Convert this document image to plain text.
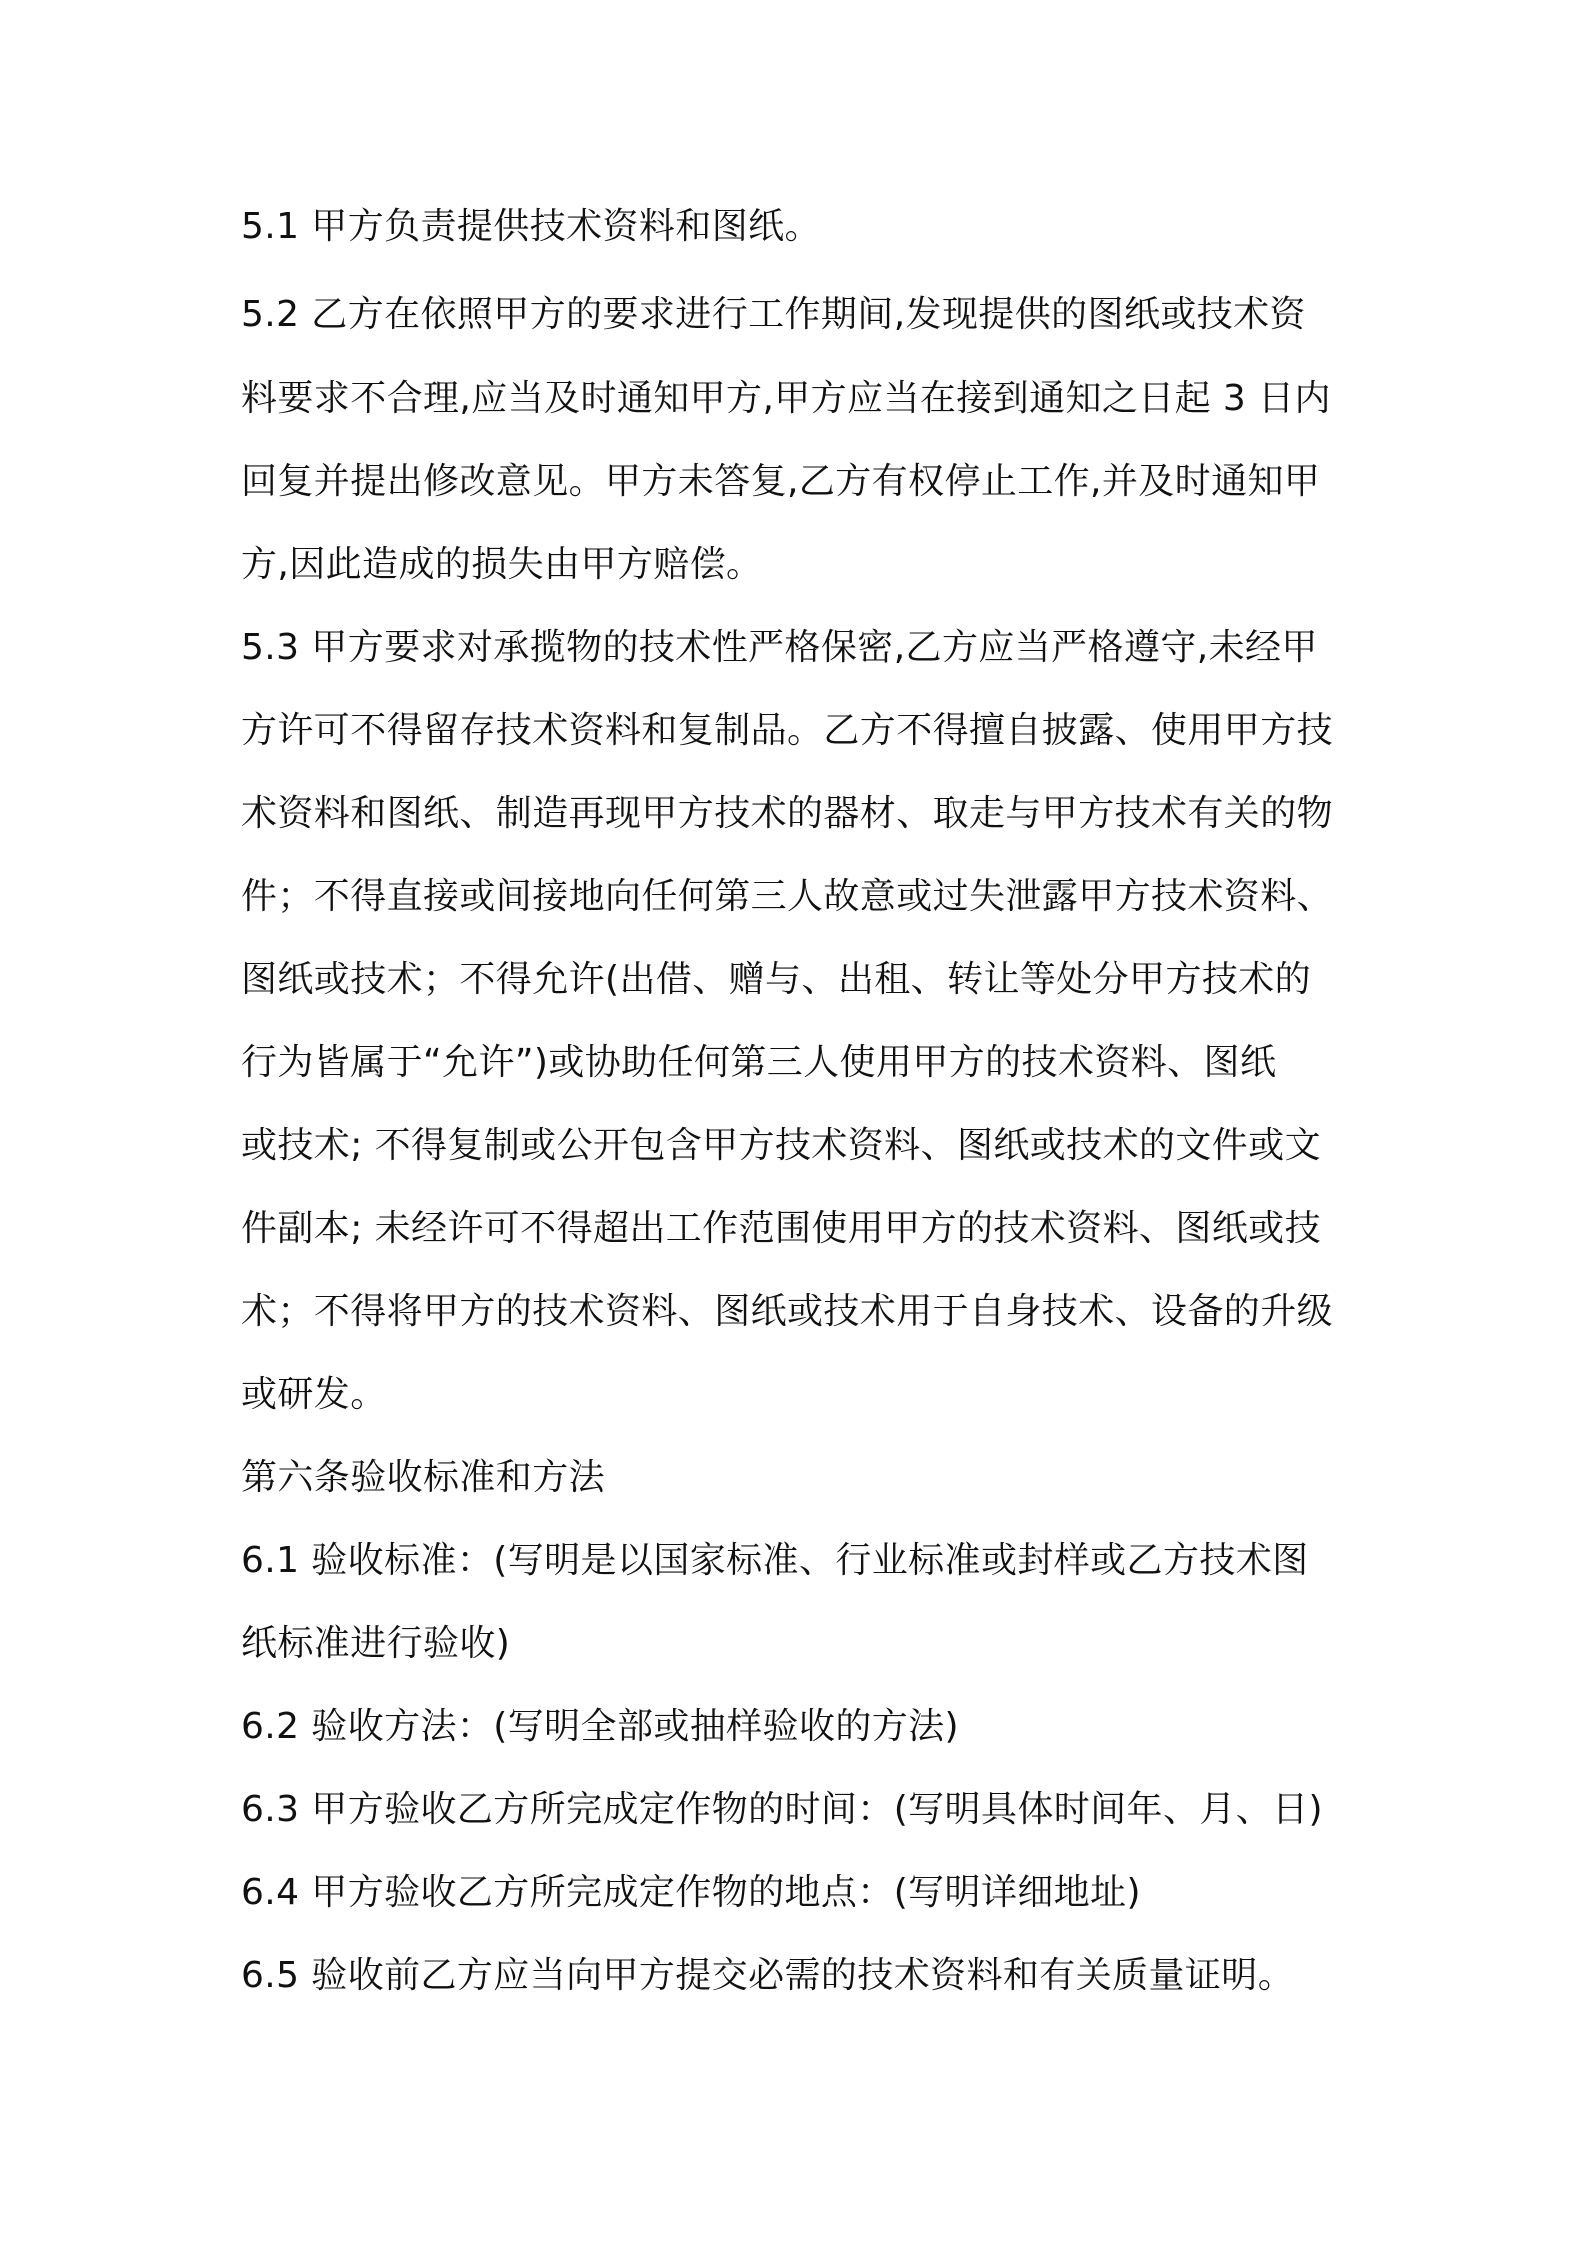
5.1 甲方负责提供技术资料和图纸。
5.2 乙方在依照甲方的要求进行工作期间,发现提供的图纸或技术资
料要求不合理,应当及时通知甲方,甲方应当在接到通知之日起 3 日内
回复并提出修改意见。甲方未答复,乙方有权停止工作,并及时通知甲
方,因此造成的损失由甲方赔偿。
5.3 甲方要求对承揽物的技术性严格保密,乙方应当严格遵守,未经甲
方许可不得留存技术资料和复制品。乙方不得擅自披露、使用甲方技
术资料和图纸、制造再现甲方技术的器材、取走与甲方技术有关的物
件；不得直接或间接地向任何第三人故意或过失泄露甲方技术资料、
图纸或技术；不得允许(出借、赠与、出租、转让等处分甲方技术的
行为皆属于“允许”)或协助任何第三人使用甲方的技术资料、图纸
或技术; 不得复制或公开包含甲方技术资料、图纸或技术的文件或文
件副本; 未经许可不得超出工作范围使用甲方的技术资料、图纸或技
术；不得将甲方的技术资料、图纸或技术用于自身技术、设备的升级
或研发。
第六条验收标准和方法
6.1 验收标准：(写明是以国家标准、行业标准或封样或乙方技术图
纸标准进行验收)
6.2 验收方法：(写明全部或抽样验收的方法)
6.3 甲方验收乙方所完成定作物的时间：(写明具体时间年、月、日)
6.4 甲方验收乙方所完成定作物的地点：(写明详细地址)
6.5 验收前乙方应当向甲方提交必需的技术资料和有关质量证明。
